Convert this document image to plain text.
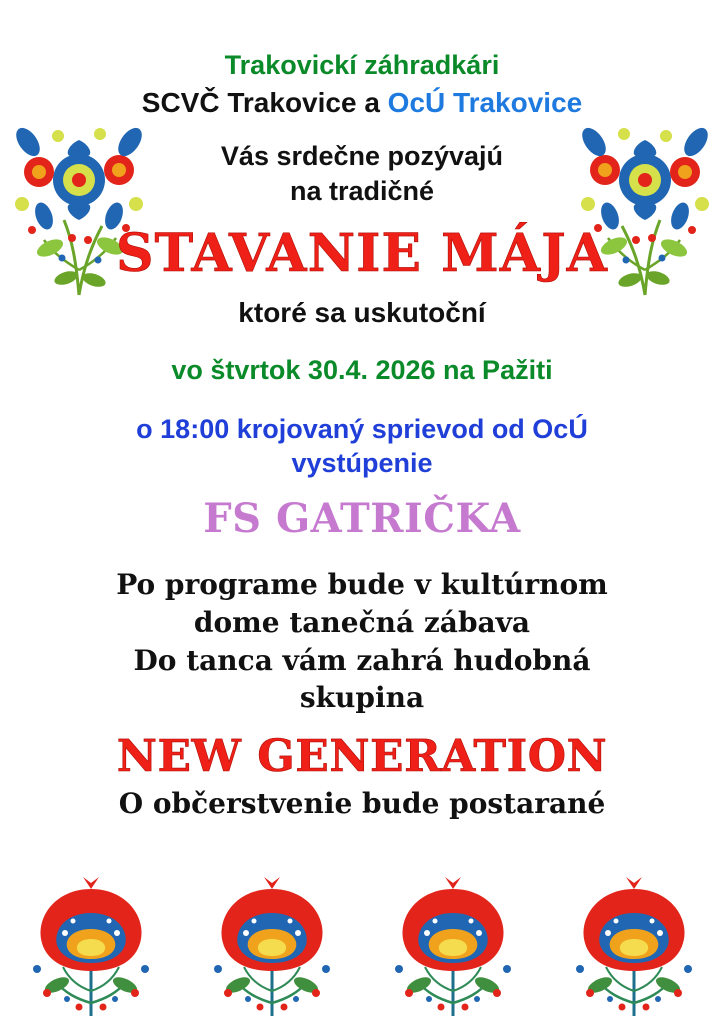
Trakovickí záhradkári
SCVČ Trakovice a OcÚ Trakovice
Vás srdečne pozývajú
na tradičné
STAVANIE MÁJA
ktoré sa uskutoční
vo štvrtok 30.4. 2026 na Pažiti
o 18:00 krojovaný sprievod od OcÚ
vystúpenie
FS GATRIČKA
Po programe bude v kultúrnom
dome tanečná zábava
Do tanca vám zahrá hudobná
skupina
NEW GENERATION
O občerstvenie bude postarané
